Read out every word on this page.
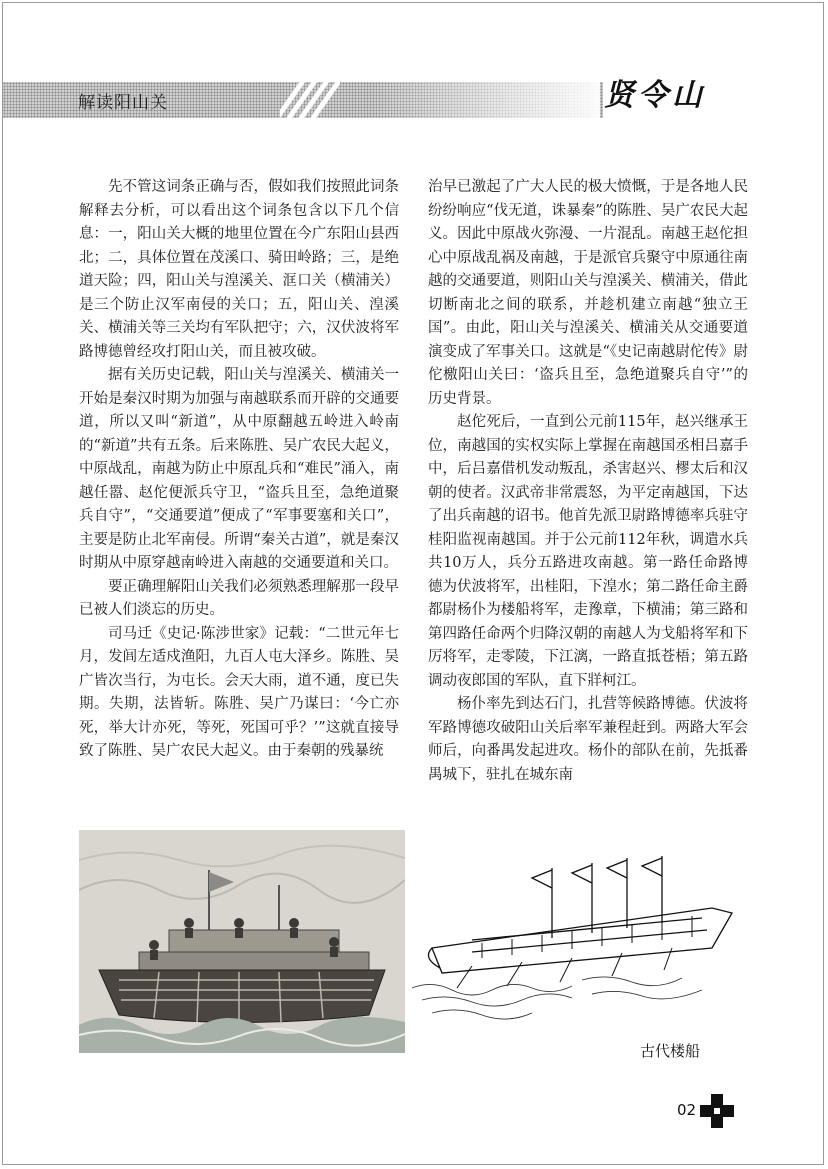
解读阳山关	贤令山

先不管这词条正确与否，假如我们按照此词条解释去分析，可以看出这个词条包含以下几个信息：一，阳山关大概的地里位置在今广东阳山县西北；二，具体位置在茂溪口、骑田岭路；三，是绝道天险；四，阳山关与湟溪关、洭口关（横浦关）是三个防止汉军南侵的关口；五，阳山关、湟溪关、横浦关等三关均有军队把守；六，汉伏波将军路博德曾经攻打阳山关，而且被攻破。

据有关历史记载，阳山关与湟溪关、横浦关一开始是秦汉时期为加强与南越联系而开辟的交通要道，所以又叫“新道”，从中原翻越五岭进入岭南的“新道”共有五条。后来陈胜、吴广农民大起义，中原战乱，南越为防止中原乱兵和“难民”涌入，南越任嚣、赵佗便派兵守卫，“盗兵且至，急绝道聚兵自守”，“交通要道”便成了“军事要塞和关口”，主要是防止北军南侵。所谓“秦关古道”，就是秦汉时期从中原穿越南岭进入南越的交通要道和关口。

要正确理解阳山关我们必须熟悉理解那一段早已被人们淡忘的历史。

司马迁《史记·陈涉世家》记载：“二世元年七月，发闾左适戍渔阳，九百人屯大泽乡。陈胜、吴广皆次当行，为屯长。会天大雨，道不通，度已失期。失期，法皆斩。陈胜、吴广乃谋曰：‘今亡亦死，举大计亦死，等死，死国可乎？’”这就直接导致了陈胜、吴广农民大起义。由于秦朝的残暴统

治早已激起了广大人民的极大愤慨，于是各地人民纷纷响应“伐无道，诛暴秦”的陈胜、吴广农民大起义。因此中原战火弥漫、一片混乱。南越王赵佗担心中原战乱祸及南越，于是派官兵聚守中原通往南越的交通要道，则阳山关与湟溪关、横浦关，借此切断南北之间的联系，并趁机建立南越“独立王国”。由此，阳山关与湟溪关、横浦关从交通要道演变成了军事关口。这就是“《史记南越尉佗传》尉佗檄阳山关曰：‘盗兵且至，急绝道聚兵自守’”的历史背景。

赵佗死后，一直到公元前115年，赵兴继承王位，南越国的实权实际上掌握在南越国丞相吕嘉手中，后吕嘉借机发动叛乱，杀害赵兴、樛太后和汉朝的使者。汉武帝非常震怒，为平定南越国，下达了出兵南越的诏书。他首先派卫尉路博德率兵驻守桂阳监视南越国。并于公元前112年秋，调遣水兵共10万人，兵分五路进攻南越。第一路任命路博德为伏波将军，出桂阳，下湟水；第二路任命主爵都尉杨仆为楼船将军，走豫章，下横浦；第三路和第四路任命两个归降汉朝的南越人为戈船将军和下厉将军，走零陵，下江漓，一路直抵苍梧；第五路调动夜郎国的军队，直下牂柯江。

杨仆率先到达石门，扎营等候路博德。伏波将军路博德攻破阳山关后率军兼程赶到。两路大军会师后，向番禺发起进攻。杨仆的部队在前，先抵番禺城下，驻扎在城东南

古代楼船
02
